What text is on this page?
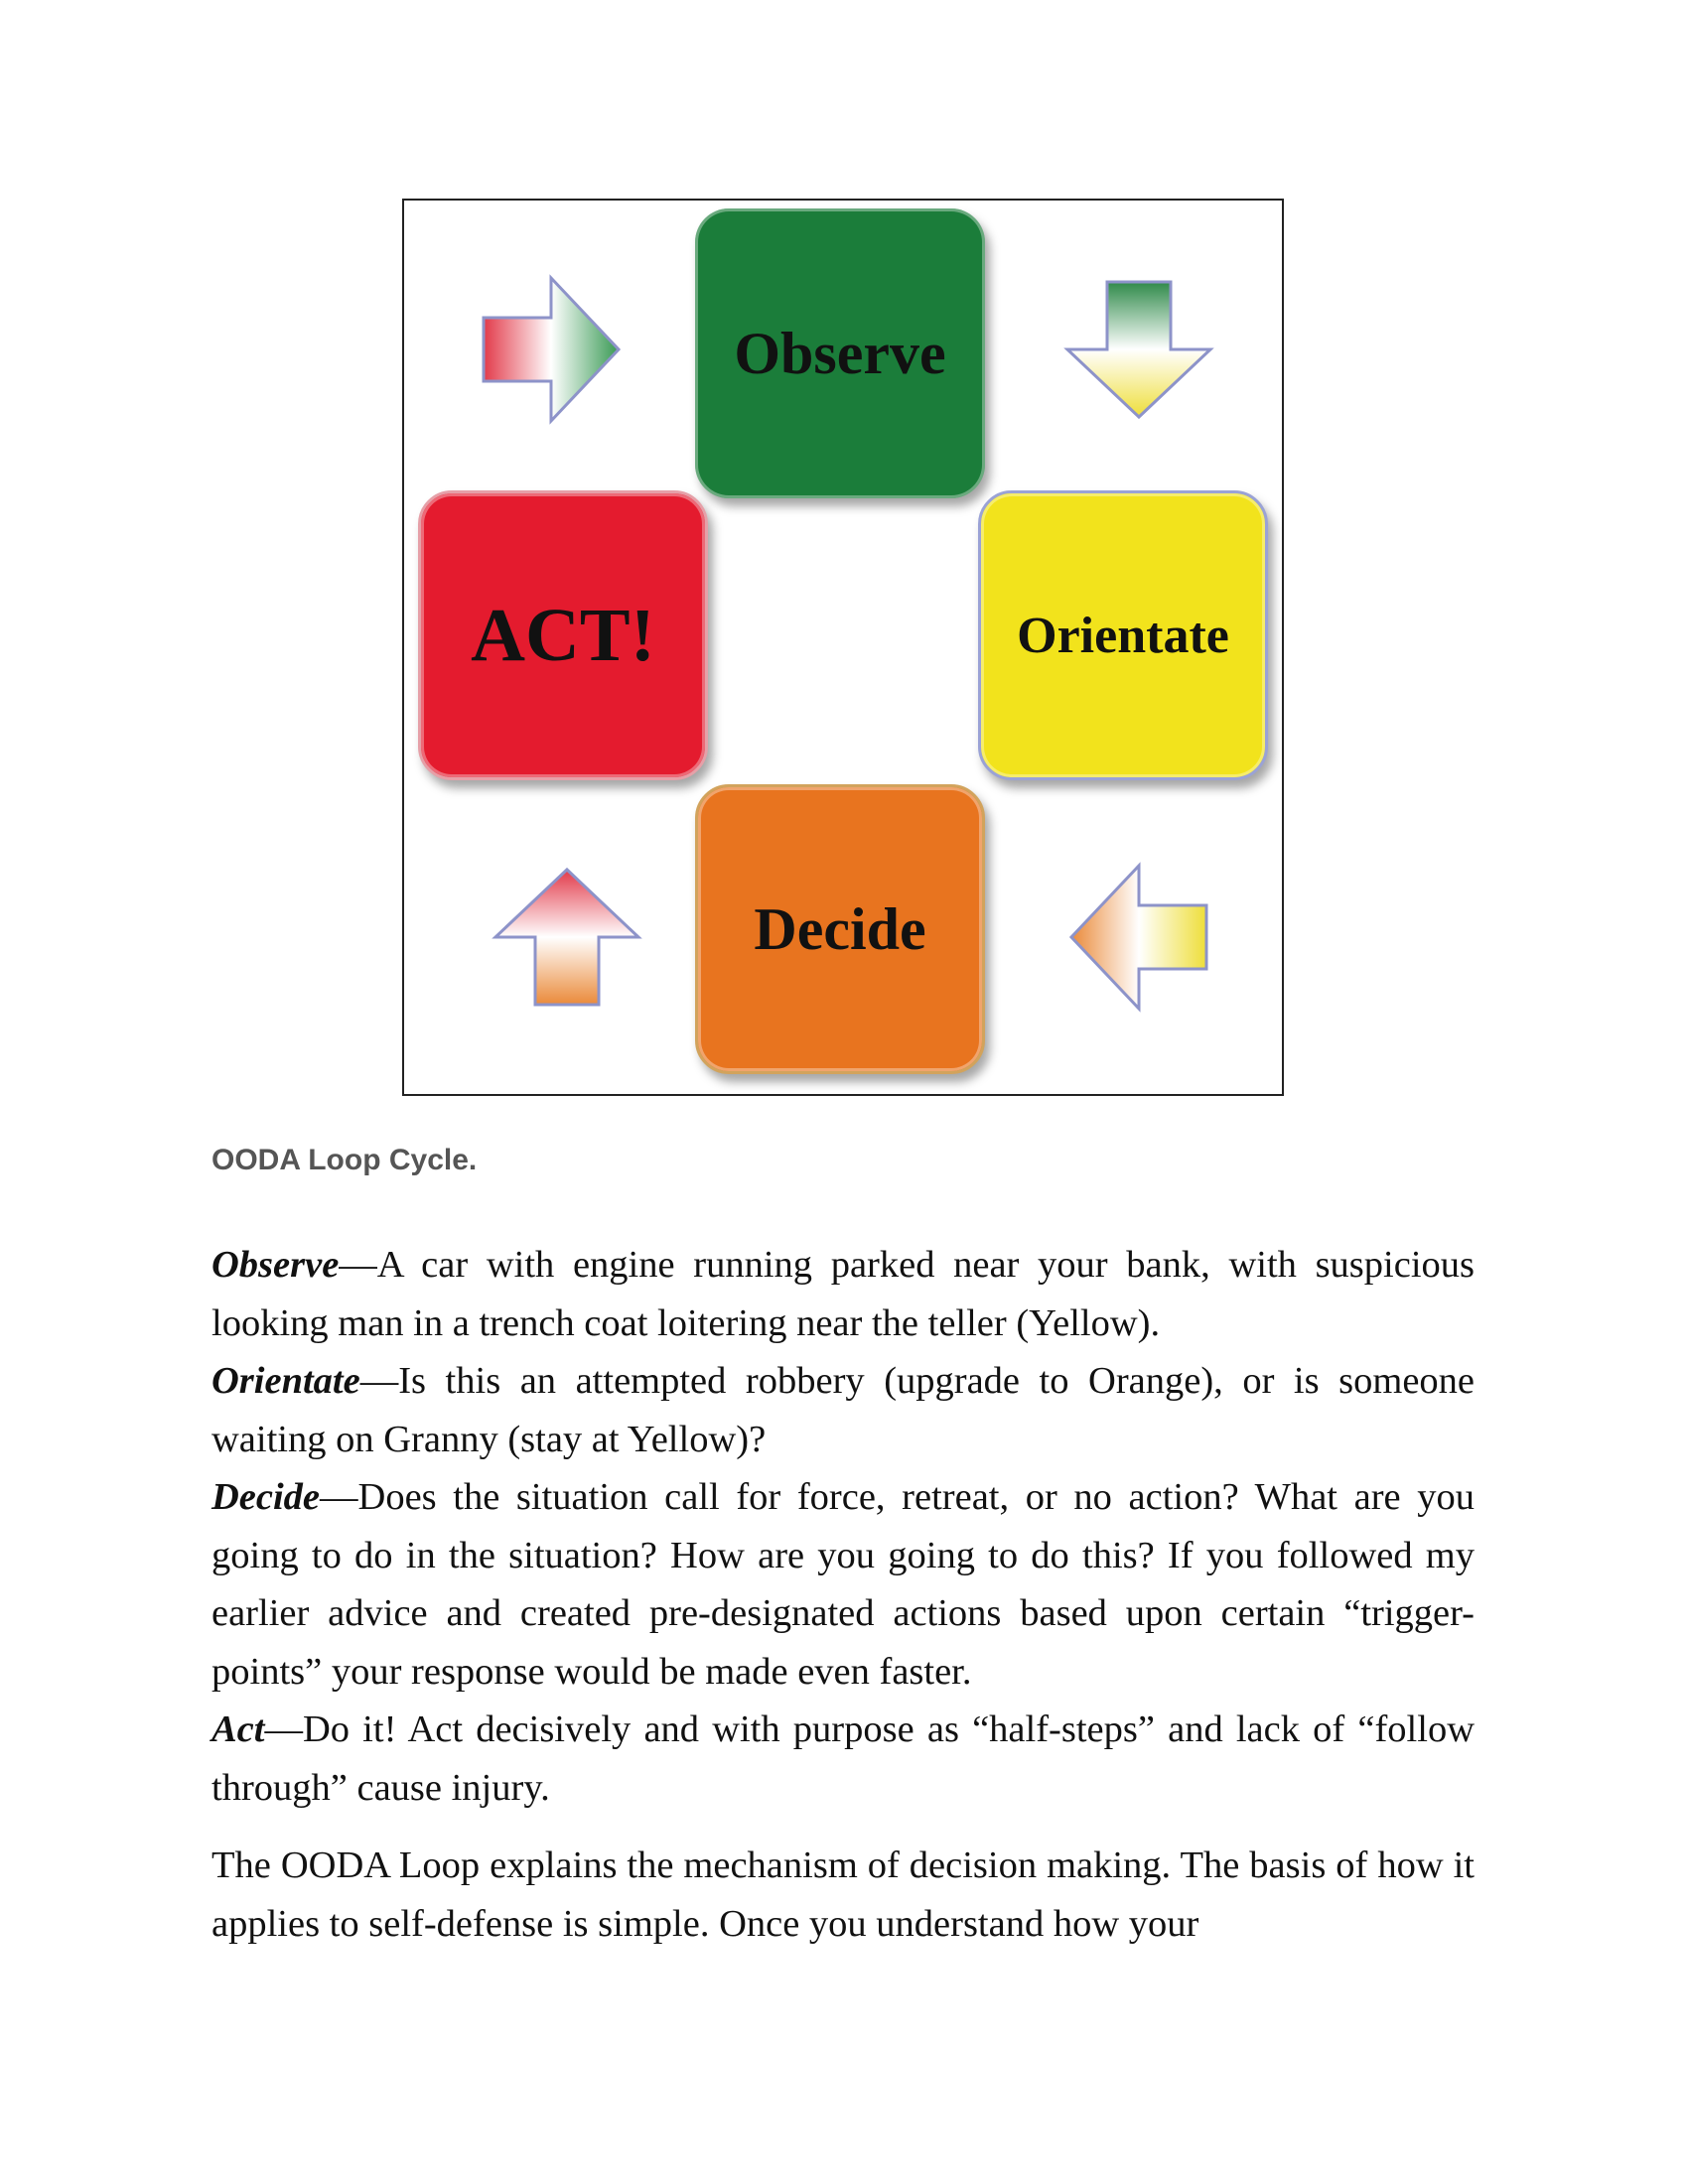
Observe
Orientate
Decide
ACT!

OODA Loop Cycle.

Observe—A car with engine running parked near your bank, with suspicious looking man in a trench coat loitering near the teller (Yellow).

Orientate—Is this an attempted robbery (upgrade to Orange), or is someone waiting on Granny (stay at Yellow)?

Decide—Does the situation call for force, retreat, or no action? What are you going to do in the situation? How are you going to do this? If you followed my earlier advice and created pre-designated actions based upon certain “trigger-points” your response would be made even faster.

Act—Do it! Act decisively and with purpose as “half-steps” and lack of “follow through” cause injury.

The OODA Loop explains the mechanism of decision making. The basis of how it applies to self-defense is simple. Once you understand how your
